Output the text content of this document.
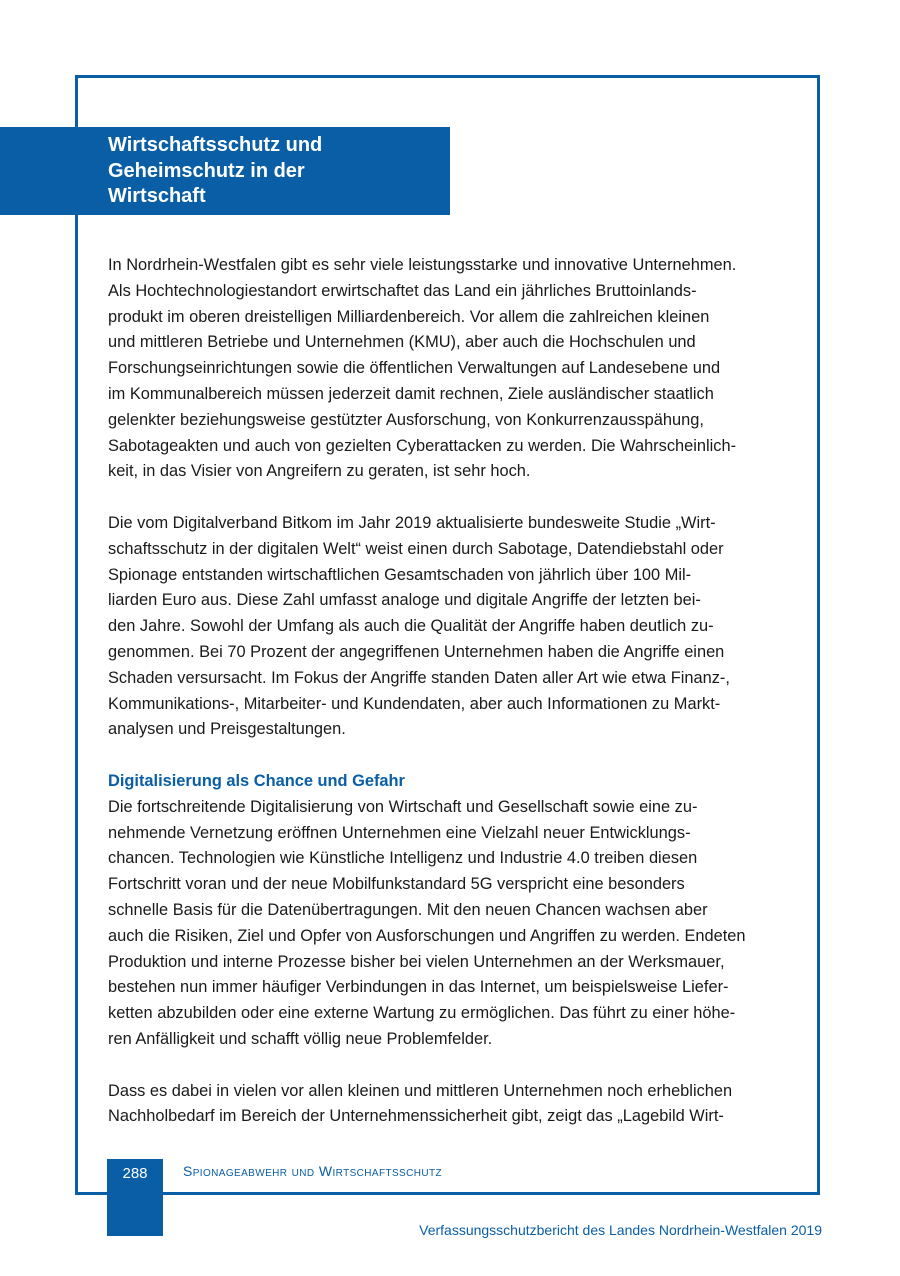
Wirtschaftsschutz und
Geheimschutz in der
Wirtschaft
In Nordrhein-Westfalen gibt es sehr viele leistungsstarke und innovative Unternehmen.
Als Hochtechnologiestandort erwirtschaftet das Land ein jährliches Bruttoinlands-
produkt im oberen dreistelligen Milliardenbereich. Vor allem die zahlreichen kleinen
und mittleren Betriebe und Unternehmen (KMU), aber auch die Hochschulen und
Forschungseinrichtungen sowie die öffentlichen Verwaltungen auf Landesebene und
im Kommunalbereich müssen jederzeit damit rechnen, Ziele ausländischer staatlich
gelenkter beziehungsweise gestützter Ausforschung, von Konkurrenzausspähung,
Sabotageakten und auch von gezielten Cyberattacken zu werden. Die Wahrscheinlich-
keit, in das Visier von Angreifern zu geraten, ist sehr hoch.
Die vom Digitalverband Bitkom im Jahr 2019 aktualisierte bundesweite Studie „Wirt-
schaftsschutz in der digitalen Welt“ weist einen durch Sabotage, Datendiebstahl oder
Spionage entstanden wirtschaftlichen Gesamtschaden von jährlich über 100 Mil-
liarden Euro aus. Diese Zahl umfasst analoge und digitale Angriffe der letzten bei-
den Jahre. Sowohl der Umfang als auch die Qualität der Angriffe haben deutlich zu-
genommen. Bei 70 Prozent der angegriffenen Unternehmen haben die Angriffe einen
Schaden versursacht. Im Fokus der Angriffe standen Daten aller Art wie etwa Finanz-,
Kommunikations-, Mitarbeiter- und Kundendaten, aber auch Informationen zu Markt-
analysen und Preisgestaltungen.
Digitalisierung als Chance und Gefahr
Die fortschreitende Digitalisierung von Wirtschaft und Gesellschaft sowie eine zu-
nehmende Vernetzung eröffnen Unternehmen eine Vielzahl neuer Entwicklungs-
chancen. Technologien wie Künstliche Intelligenz und Industrie 4.0 treiben diesen
Fortschritt voran und der neue Mobilfunkstandard 5G verspricht eine besonders
schnelle Basis für die Datenübertragungen. Mit den neuen Chancen wachsen aber
auch die Risiken, Ziel und Opfer von Ausforschungen und Angriffen zu werden. Endeten
Produktion und interne Prozesse bisher bei vielen Unternehmen an der Werksmauer,
bestehen nun immer häufiger Verbindungen in das Internet, um beispielsweise Liefer-
ketten abzubilden oder eine externe Wartung zu ermöglichen. Das führt zu einer höhe-
ren Anfälligkeit und schafft völlig neue Problemfelder.
Dass es dabei in vielen vor allen kleinen und mittleren Unternehmen noch erheblichen
Nachholbedarf im Bereich der Unternehmenssicherheit gibt, zeigt das „Lagebild Wirt-
288	Spionageabwehr und Wirtschaftsschutz
Verfassungsschutzbericht des Landes Nordrhein-Westfalen 2019
